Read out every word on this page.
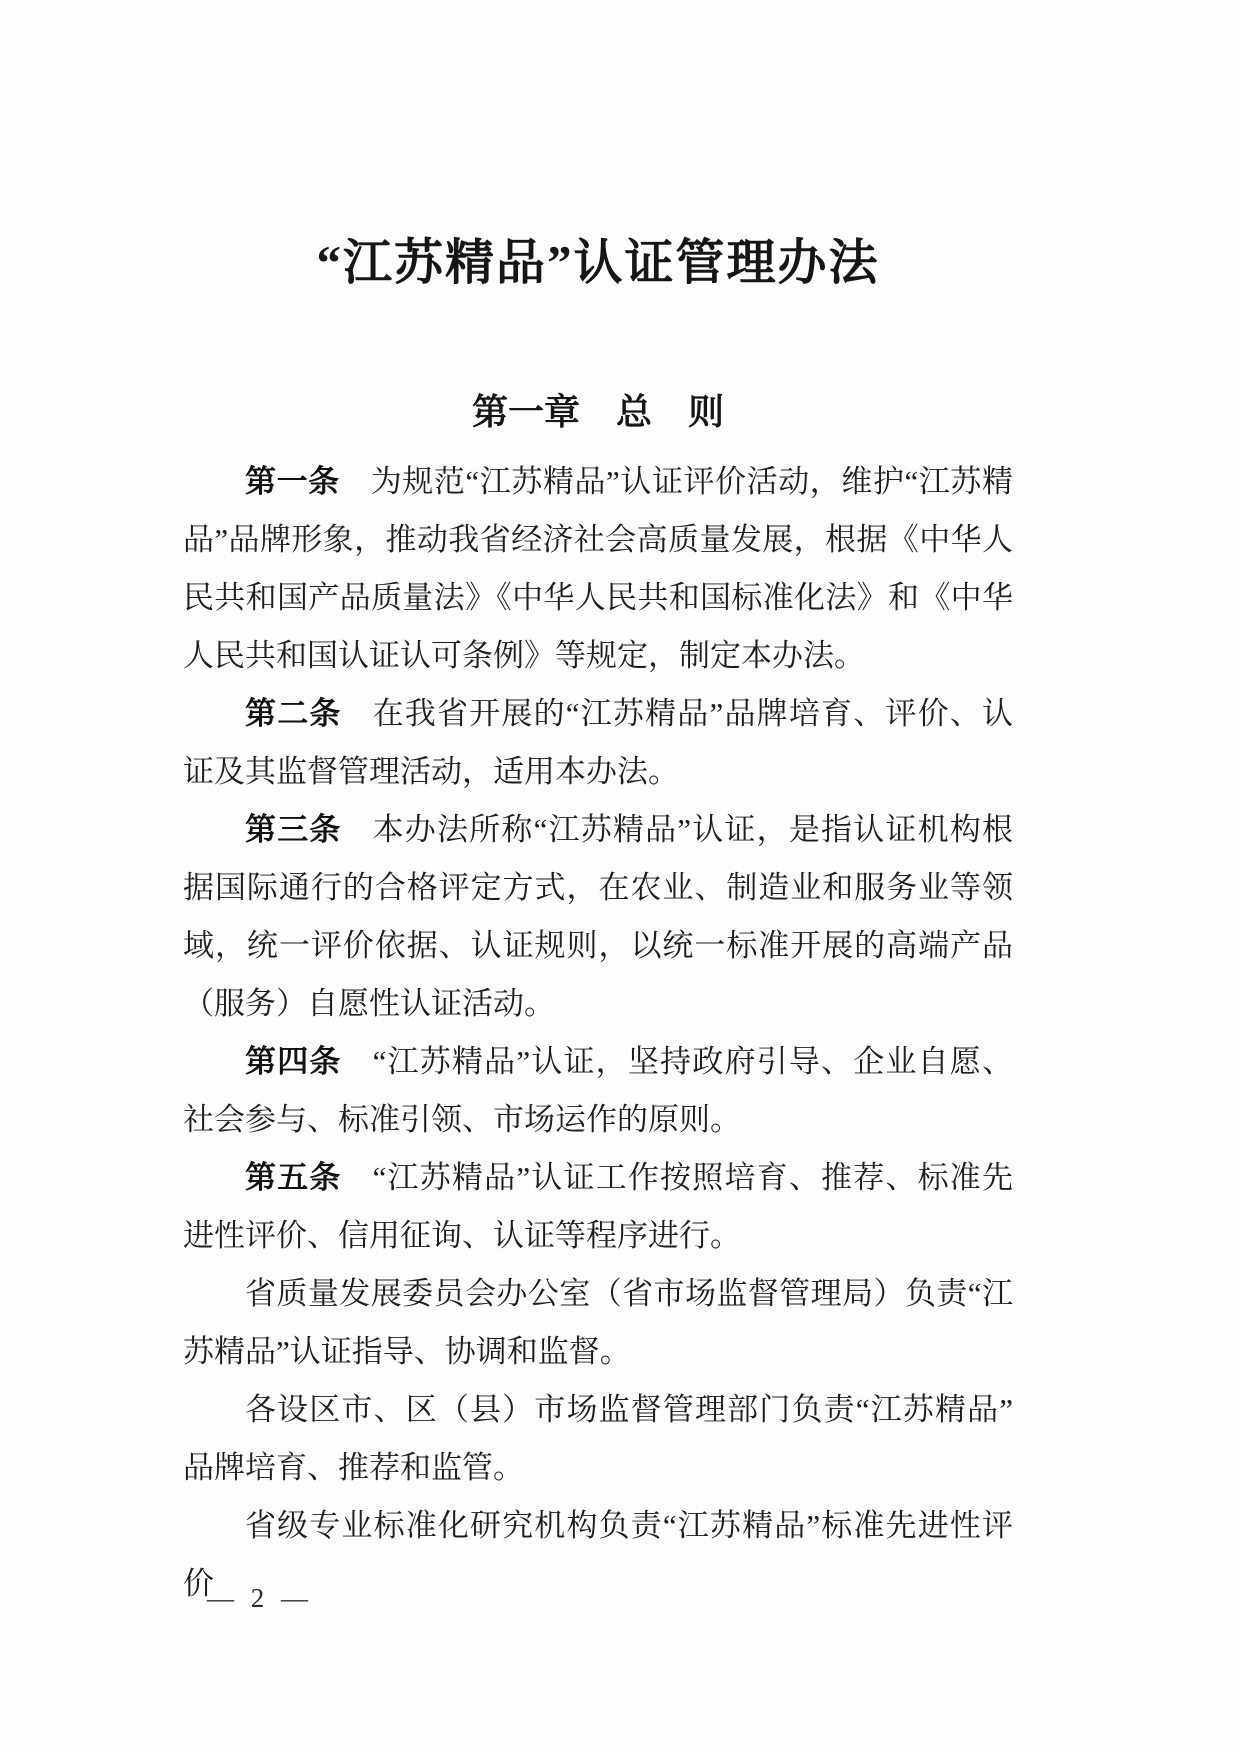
“江苏精品”认证管理办法
第一章 总　则

第一条 为规范“江苏精品”认证评价活动，维护“江苏精品”品牌形象，推动我省经济社会高质量发展，根据《中华人民共和国产品质量法》《中华人民共和国标准化法》和《中华人民共和国认证认可条例》等规定，制定本办法。

第二条 在我省开展的“江苏精品”品牌培育、评价、认证及其监督管理活动，适用本办法。

第三条 本办法所称“江苏精品”认证，是指认证机构根据国际通行的合格评定方式，在农业、制造业和服务业等领域，统一评价依据、认证规则，以统一标准开展的高端产品（服务）自愿性认证活动。

第四条 “江苏精品”认证，坚持政府引导、企业自愿、社会参与、标准引领、市场运作的原则。

第五条 “江苏精品”认证工作按照培育、推荐、标准先进性评价、信用征询、认证等程序进行。

省质量发展委员会办公室（省市场监督管理局）负责“江苏精品”认证指导、协调和监督。

各设区市、区（县）市场监督管理部门负责“江苏精品”品牌培育、推荐和监管。

省级专业标准化研究机构负责“江苏精品”标准先进性评价

— 2 —
